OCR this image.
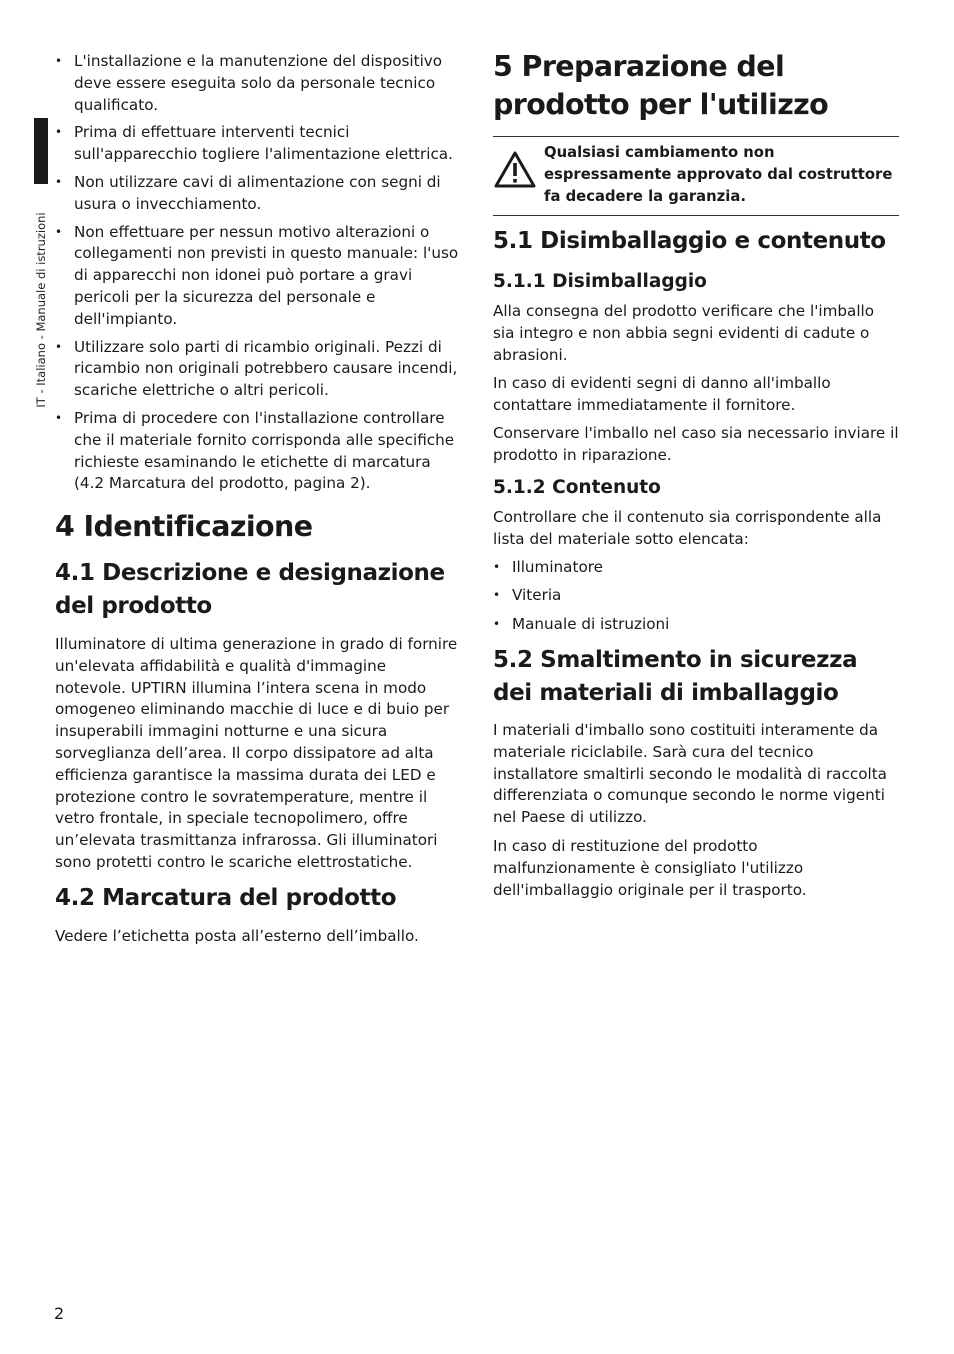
IT - Italiano - Manuale di istruzioni
• L'installazione e la manutenzione del dispositivo deve essere eseguita solo da personale tecnico qualificato.
• Prima di effettuare interventi tecnici sull'apparecchio togliere l'alimentazione elettrica.
• Non utilizzare cavi di alimentazione con segni di usura o invecchiamento.
• Non effettuare per nessun motivo alterazioni o collegamenti non previsti in questo manuale: l'uso di apparecchi non idonei può portare a gravi pericoli per la sicurezza del personale e dell'impianto.
• Utilizzare solo parti di ricambio originali. Pezzi di ricambio non originali potrebbero causare incendi, scariche elettriche o altri pericoli.
• Prima di procedere con l'installazione controllare che il materiale fornito corrisponda alle specifiche richieste esaminando le etichette di marcatura (4.2 Marcatura del prodotto, pagina 2).
4 Identificazione
4.1 Descrizione e designazione del prodotto

Illuminatore di ultima generazione in grado di fornire un'elevata affidabilità e qualità d'immagine notevole. UPTIRN illumina l’intera scena in modo omogeneo eliminando macchie di luce e di buio per insuperabili immagini notturne e una sicura sorveglianza dell’area. Il corpo dissipatore ad alta efficienza garantisce la massima durata dei LED e protezione contro le sovratemperature, mentre il vetro frontale, in speciale tecnopolimero, offre un’elevata trasmittanza infrarossa. Gli illuminatori sono protetti contro le scariche elettrostatiche.

4.2 Marcatura del prodotto

Vedere l’etichetta posta all’esterno dell’imballo.

5 Preparazione del prodotto per l'utilizzo

Qualsiasi cambiamento non espressamente approvato dal costruttore fa decadere la garanzia.

5.1 Disimballaggio e contenuto
5.1.1 Disimballaggio

Alla consegna del prodotto verificare che l'imballo sia integro e non abbia segni evidenti di cadute o abrasioni.

In caso di evidenti segni di danno all'imballo contattare immediatamente il fornitore.

Conservare l'imballo nel caso sia necessario inviare il prodotto in riparazione.

5.1.2 Contenuto

Controllare che il contenuto sia corrispondente alla lista del materiale sotto elencata:

• Illuminatore
• Viteria
• Manuale di istruzioni
5.2 Smaltimento in sicurezza dei materiali di imballaggio

I materiali d'imballo sono costituiti interamente da materiale riciclabile. Sarà cura del tecnico installatore smaltirli secondo le modalità di raccolta differenziata o comunque secondo le norme vigenti nel Paese di utilizzo.

In caso di restituzione del prodotto malfunzionamente è consigliato l'utilizzo dell'imballaggio originale per il trasporto.

2
